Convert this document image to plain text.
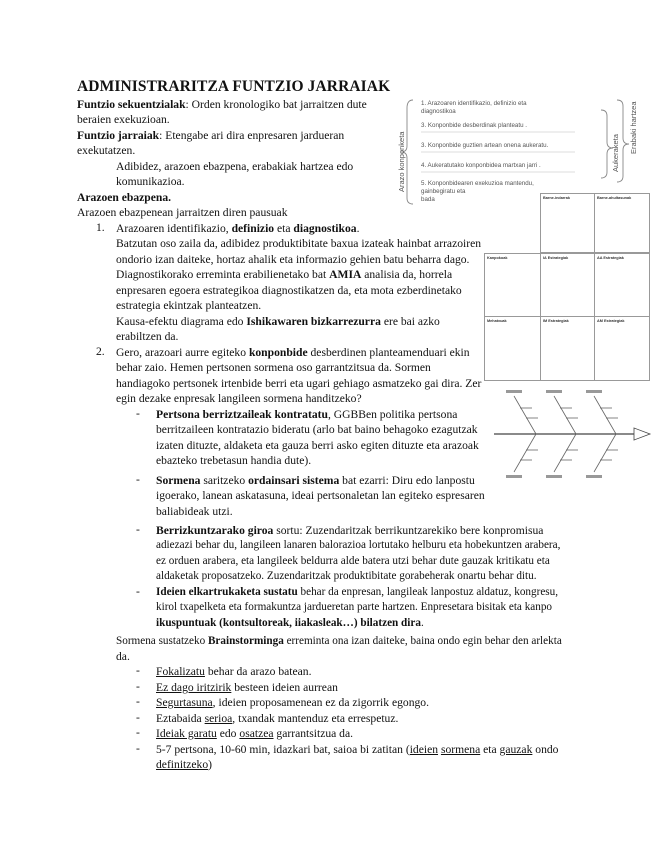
ADMINISTRARITZA FUNTZIO JARRAIAK
Funtzio sekuentzialak: Orden kronologiko bat jarraitzen dute
beraien exekuzioan.
Funtzio jarraiak: Etengabe ari dira enpresaren jardueran
exekutatzen.
Adibidez, arazoen ebazpena, erabakiak hartzea edo
komunikazioa.
Arazoen ebazpena.
Arazoen ebazpenean jarraitzen diren pausuak
1. Arazoaren identifikazio, definizio eta diagnostikoa.
Batzutan oso zaila da, adibidez produktibitate baxua izateak hainbat arrazoiren
ondorio izan daiteke, hortaz ahalik eta informazio gehien batu beharra dago.
Diagnostikorako erreminta erabilienetako bat AMIA analisia da, horrela
enpresaren egoera estrategikoa diagnostikatzen da, eta mota ezberdinetako
estrategia ekintzak planteatzen.
Kausa-efektu diagrama edo Ishikawaren bizkarrezurra ere bai azko
erabiltzen da.
2. Gero, arazoari aurre egiteko konponbide desberdinen planteamenduari ekin
behar zaio. Hemen pertsonen sormena oso garrantzitsua da. Sormen
handiagoko pertsonek irtenbide berri eta ugari gehiago asmatzeko gai dira. Zer
egin dezake enpresak langileen sormena handitzeko?
- Pertsona berriztzaileak kontratatu, GGBBen politika pertsona
berritzaileen kontratazio bideratu (arlo bat baino behagoko ezagutzak
izaten dituzte, aldaketa eta gauza berri asko egiten dituzte eta arazoak
ebazteko trebetasun handia dute).
- Sormena saritzeko ordainsari sistema bat ezarri: Diru edo lanpostu
igoerako, lanean askatasuna, ideai pertsonaletan lan egiteko espresaren
baliabideak utzi.
- Berrizkuntzarako giroa sortu: Zuzendaritzak berrikuntzarekiko bere konpromisua
adiezazi behar du, langileen lanaren balorazioa lortutako helburu eta hobekuntzen arabera,
ez orduen arabera, eta langileek beldurra alde batera utzi behar dute gauzak kritikatu eta
aldaketak proposatzeko. Zuzendaritzak produktibitate gorabeherak onartu behar ditu.
- Ideien elkartrukaketa sustatu behar da enpresan, langileak lanpostuz aldatuz, kongresu,
kirol txapelketa eta formakuntza jardueretan parte hartzen. Enpresetara bisitak eta kanpo
ikuspuntuak (kontsultoreak, iiakasleak…) bilatzen dira.
Sormena sustatzeko Brainstorminga erreminta ona izan daiteke, baina ondo egin behar den arlekta
da.
- Fokalizatu behar da arazo batean.
- Ez dago iritzirik besteen ideien aurrean
- Segurtasuna, ideien proposamenean ez da zigorrik egongo.
- Eztabaida serioa, txandak mantenduz eta errespetuz.
- Ideiak garatu edo osatzea garrantsitzua da.
- 5-7 pertsona, 10-60 min, idazkari bat, saioa bi zatitan (ideien sormena eta gauzak ondo
definitzeko)
Arazo konponketa	Aukeraketa Erabaki hartzea
1. Arazoaren identifikazio, definizio eta
diagnostikoa
3. Konponbide desberdinak planteatu .
3. Konponbide guztien artean onena aukeratu.
4. Aukeratutako konponbidea martxan jarri .
5. Konponbidearen exekuzioa mantendu,
gainbegiratu eta
bada	Barne-indarrak	Barne-ahultasunak
Kanpokoak	IA Estrategiak	AA Estrategiak
Mehatxuak	IM Estrategiak	AM Estrategiak
